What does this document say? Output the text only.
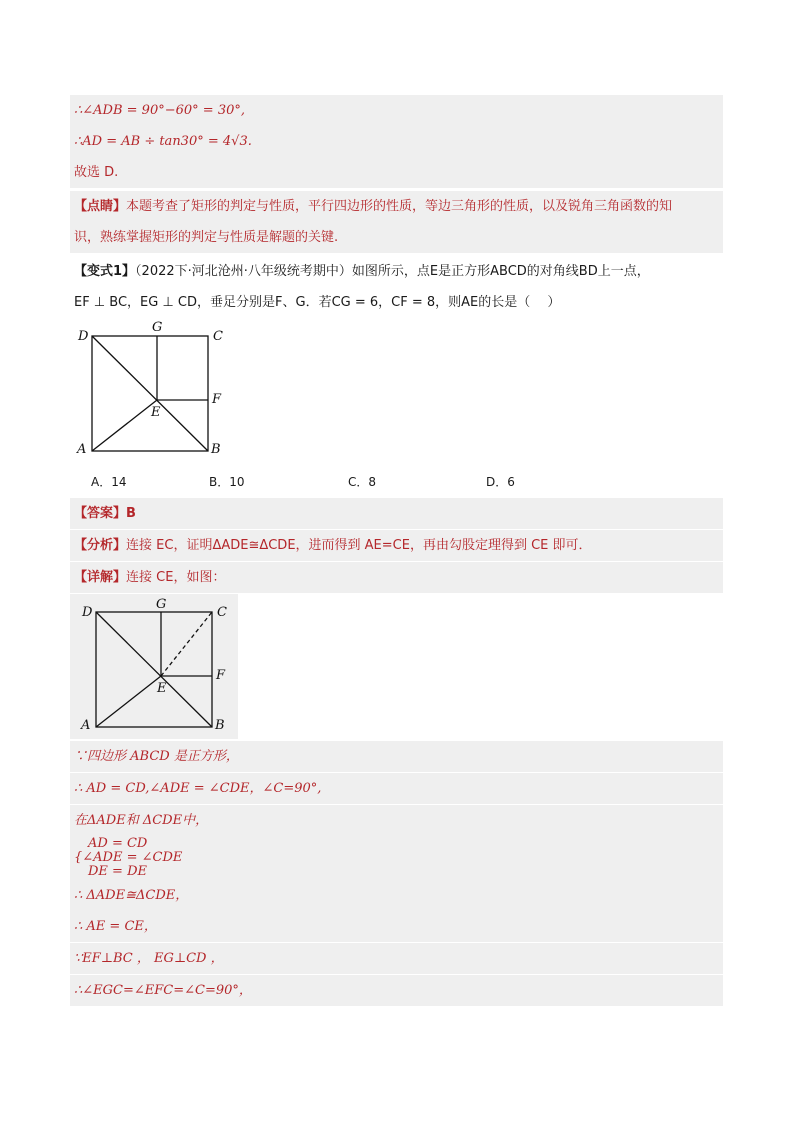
∴∠ADB = 90°−60° = 30°,
∴AD = AB ÷ tan30° = 4√3.
故选 D.
【点睛】本题考查了矩形的判定与性质，平行四边形的性质，等边三角形的性质，以及锐角三角函数的知
识，熟练掌握矩形的判定与性质是解题的关键.
【变式1】（2022下·河北沧州·八年级统考期中）如图所示，点E是正方形ABCD的对角线BD上一点，
EF ⊥ BC，EG ⊥ CD，垂足分别是F、G．若CG = 6，CF = 8，则AE的长是（　 ）
D
G
C
F
E
A	B
A．14	B．10	C．8	D．6
【答案】B
【分析】连接 EC，证明ΔADE≅ΔCDE，进而得到 AE=CE，再由勾股定理得到 CE 即可．
【详解】连接 CE，如图：
D
G
C
F
E
A	B
∵四边形 ABCD 是正方形，
∴ AD = CD,∠ADE = ∠CDE，∠C=90°,
在ΔADE和 ΔCDE中，
AD = CD
{∠ADE = ∠CDE
DE = DE
∴ ΔADE≅ΔCDE，
∴ AE = CE，
∵EF⊥BC ， EG⊥CD ，
∴∠EGC=∠EFC=∠C=90°，
